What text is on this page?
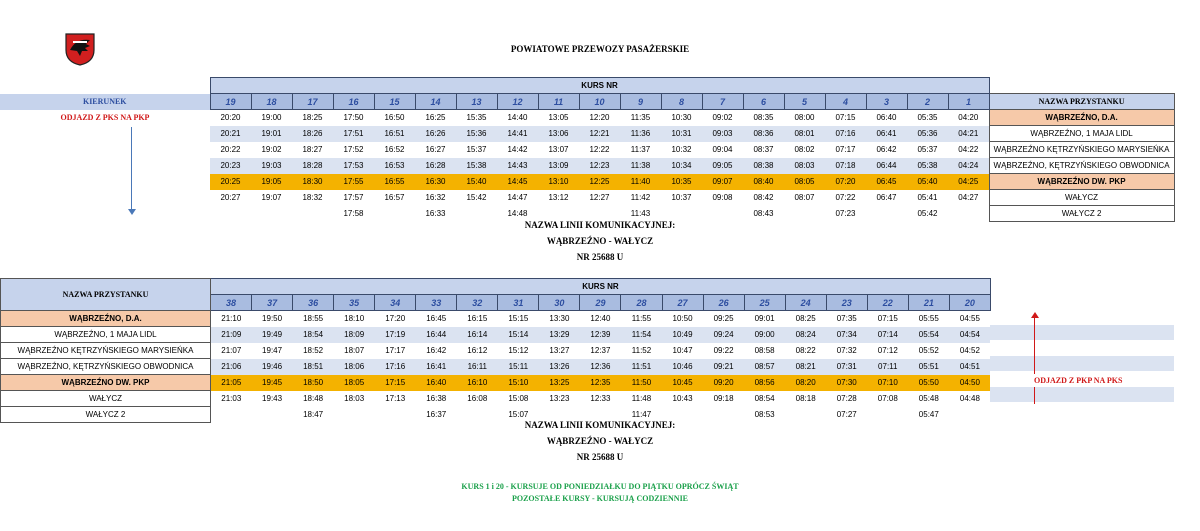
POWIATOWE PRZEWOZY PASAŻERSKIE
	KURS NR																			
KIERUNEK	19	18	17	16	15	14	13	12	11	10	9	8	7	6	5	4	3	2	1	NAZWA PRZYSTANKU
ODJAZD Z PKS NA PKP	20:20	19:00	18:25	17:50	16:50	16:25	15:35	14:40	13:05	12:20	11:35	10:30	09:02	08:35	08:00	07:15	06:40	05:35	04:20	WĄBRZEŹNO, D.A.
	20:21	19:01	18:26	17:51	16:51	16:26	15:36	14:41	13:06	12:21	11:36	10:31	09:03	08:36	08:01	07:16	06:41	05:36	04:21	WĄBRZEŹNO, 1 MAJA LIDL
	20:22	19:02	18:27	17:52	16:52	16:27	15:37	14:42	13:07	12:22	11:37	10:32	09:04	08:37	08:02	07:17	06:42	05:37	04:22	WĄBRZEŹNO KĘTRZYŃSKIEGO MARYSIEŃKA
	20:23	19:03	18:28	17:53	16:53	16:28	15:38	14:43	13:09	12:23	11:38	10:34	09:05	08:38	08:03	07:18	06:44	05:38	04:24	WĄBRZEŹNO, KĘTRZYŃSKIEGO OBWODNICA
	20:25	19:05	18:30	17:55	16:55	16:30	15:40	14:45	13:10	12:25	11:40	10:35	09:07	08:40	08:05	07:20	06:45	05:40	04:25	WĄBRZEŹNO DW. PKP
	20:27	19:07	18:32	17:57	16:57	16:32	15:42	14:47	13:12	12:27	11:42	10:37	09:08	08:42	08:07	07:22	06:47	05:41	04:27	WAŁYCZ
				17:58		16:33		14:48			11:43			08:43		07:23		05:42		WAŁYCZ 2
NAZWA LINII KOMUNIKACYJNEJ:
WĄBRZEŹNO - WAŁYCZ
NR 25688 U
NAZWA PRZYSTANKU	KURS NR																		
	38	37	36	35	34	33	32	31	30	29	28	27	26	25	24	23	22	21	20
WĄBRZEŹNO, D.A.	21:10	19:50	18:55	18:10	17:20	16:45	16:15	15:15	13:30	12:40	11:55	10:50	09:25	09:01	08:25	07:35	07:15	05:55	04:55
WĄBRZEŹNO, 1 MAJA LIDL	21:09	19:49	18:54	18:09	17:19	16:44	16:14	15:14	13:29	12:39	11:54	10:49	09:24	09:00	08:24	07:34	07:14	05:54	04:54
WĄBRZEŹNO KĘTRZYŃSKIEGO MARYSIEŃKA	21:07	19:47	18:52	18:07	17:17	16:42	16:12	15:12	13:27	12:37	11:52	10:47	09:22	08:58	08:22	07:32	07:12	05:52	04:52
WĄBRZEŹNO, KĘTRZYŃSKIEGO OBWODNICA	21:06	19:46	18:51	18:06	17:16	16:41	16:11	15:11	13:26	12:36	11:51	10:46	09:21	08:57	08:21	07:31	07:11	05:51	04:51
WĄBRZEŹNO DW. PKP	21:05	19:45	18:50	18:05	17:15	16:40	16:10	15:10	13:25	12:35	11:50	10:45	09:20	08:56	08:20	07:30	07:10	05:50	04:50
WAŁYCZ	21:03	19:43	18:48	18:03	17:13	16:38	16:08	15:08	13:23	12:33	11:48	10:43	09:18	08:54	08:18	07:28	07:08	05:48	04:48
WAŁYCZ 2			18:47			16:37		15:07			11:47			08:53		07:27		05:47	
ODJAZD Z PKP NA PKS
NAZWA LINII KOMUNIKACYJNEJ:
WĄBRZEŹNO - WAŁYCZ
NR 25688 U
KURS 1 i 20 - KURSUJE OD PONIEDZIAŁKU DO PIĄTKU OPRÓCZ ŚWIĄT
POZOSTAŁE KURSY - KURSUJĄ CODZIENNIE
